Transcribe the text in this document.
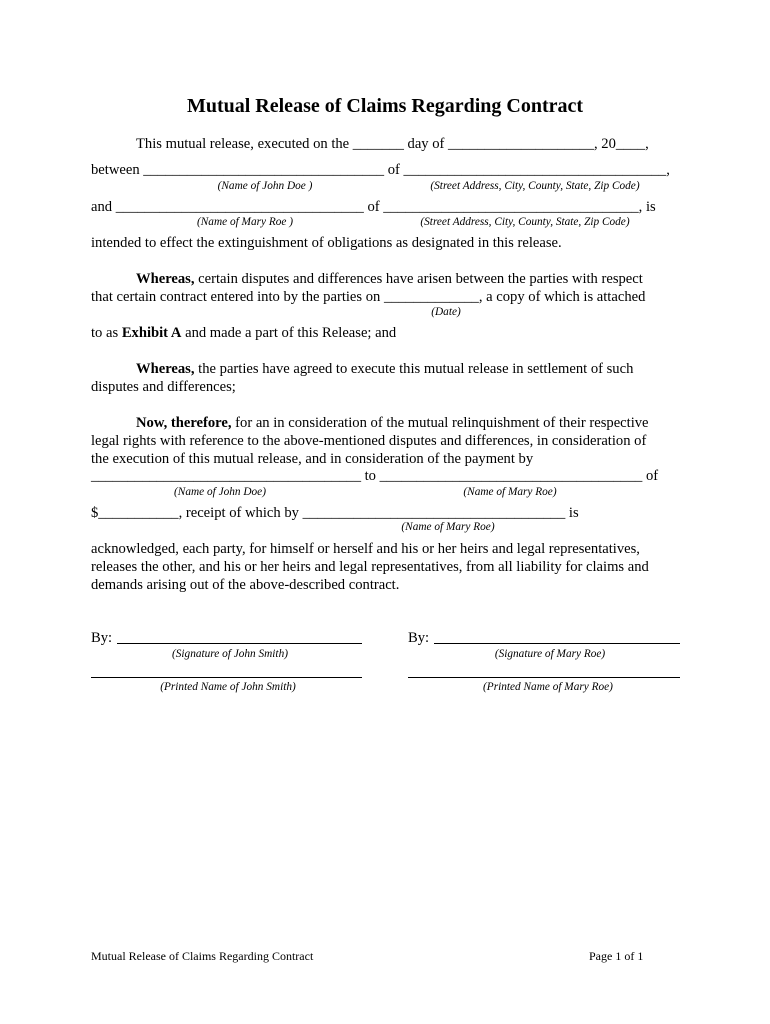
Mutual Release of Claims Regarding Contract
This mutual release, executed on the _______ day of ____________________, 20____,
between _________________________________ of ____________________________________,
(Name of John Doe )	(Street Address, City, County, State, Zip Code)
and __________________________________ of ___________________________________, is
(Name of Mary Roe )	(Street Address, City, County, State, Zip Code)
intended to effect the extinguishment of obligations as designated in this release.
Whereas, certain disputes and differences have arisen between the parties with respect
that certain contract entered into by the parties on _____________, a copy of which is attached
(Date)
to as Exhibit A and made a part of this Release; and
Whereas, the parties have agreed to execute this mutual release in settlement of such
disputes and differences;
Now, therefore, for an in consideration of the mutual relinquishment of their respective
legal rights with reference to the above-mentioned disputes and differences, in consideration of
the execution of this mutual release, and in consideration of the payment by
_____________________________________ to ____________________________________ of
(Name of John Doe)	(Name of Mary Roe)
$___________, receipt of which by ____________________________________ is
(Name of Mary Roe)
acknowledged, each party, for himself or herself and his or her heirs and legal representatives,
releases the other, and his or her heirs and legal representatives, from all liability for claims and
demands arising out of the above-described contract.
By:	By:
(Signature of John Smith)	(Signature of Mary Roe)
(Printed Name of John Smith)	(Printed Name of Mary Roe)
Mutual Release of Claims Regarding Contract	Page 1 of 1
